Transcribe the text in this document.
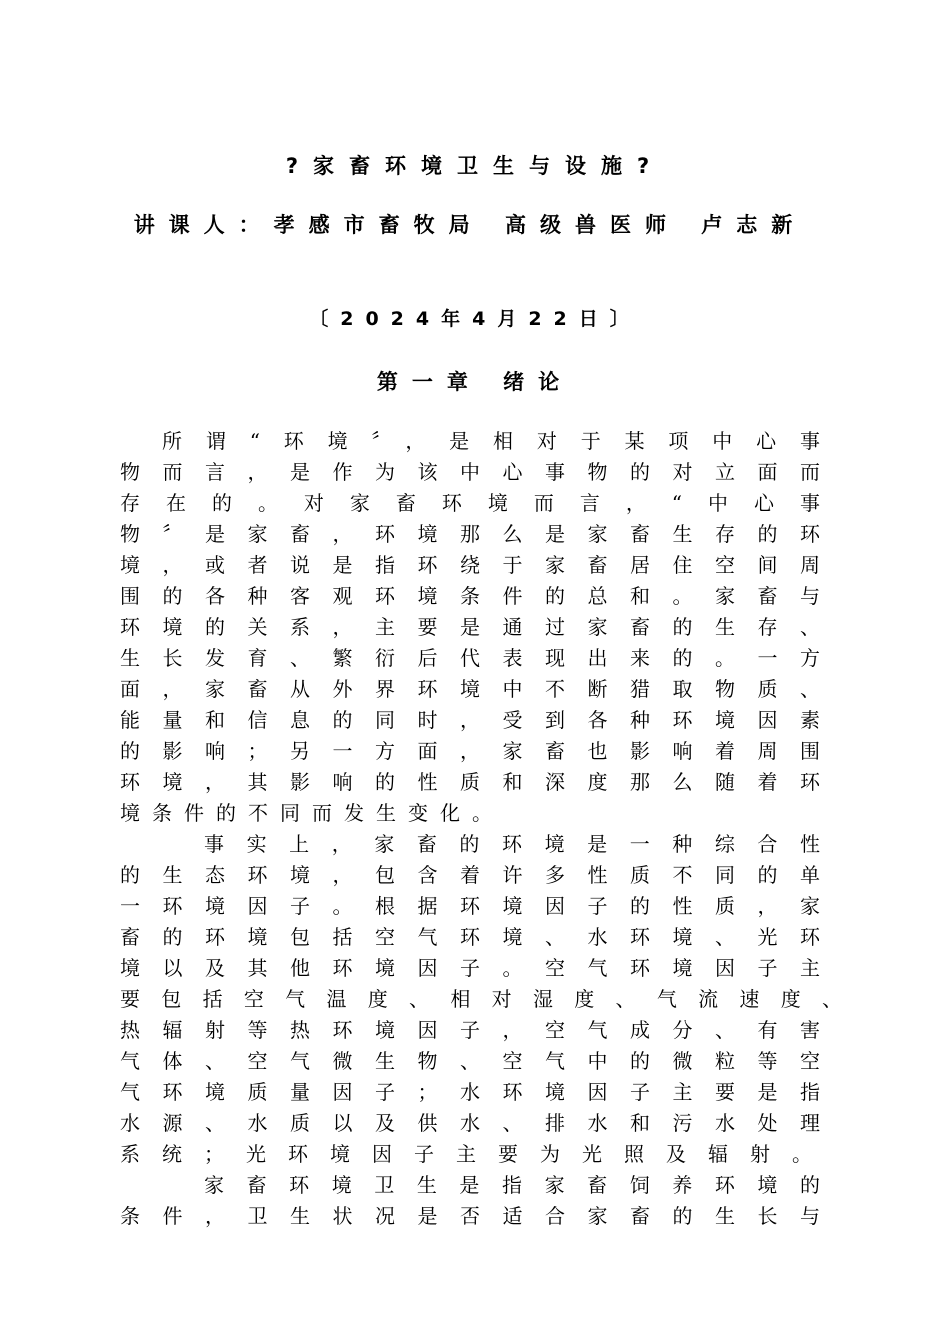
?家畜环境卫生与设施?
讲课人：孝感市畜牧局 高级兽医师 卢志新
〔2024年4月22日〕
第一章 绪论
所谓“环境〞，是相对于某项中心事
物而言，是作为该中心事物的对立面而
存在的。对家畜环境而言，“中心事
物〞是家畜，环境那么是家畜生存的环
境，或者说是指环绕于家畜居住空间周
围的各种客观环境条件的总和。家畜与
环境的关系，主要是通过家畜的生存、
生长发育、繁衍后代表现出来的。一方
面，家畜从外界环境中不断猎取物质、
能量和信息的同时，受到各种环境因素
的影响；另一方面，家畜也影响着周围
环境，其影响的性质和深度那么随着环
境条件的不同而发生变化。
事实上，家畜的环境是一种综合性
的生态环境，包含着许多性质不同的单
一环境因子。根据环境因子的性质，家
畜的环境包括空气环境、水环境、光环
境以及其他环境因子。空气环境因子主
要包括空气温度、相对湿度、气流速度、
热辐射等热环境因子，空气成分、有害
气体、空气微生物、空气中的微粒等空
气环境质量因子；水环境因子主要是指
水源、水质以及供水、排水和污水处理
系统；光环境因子主要为光照及辐射。
家畜环境卫生是指家畜饲养环境的
条件，卫生状况是否适合家畜的生长与
